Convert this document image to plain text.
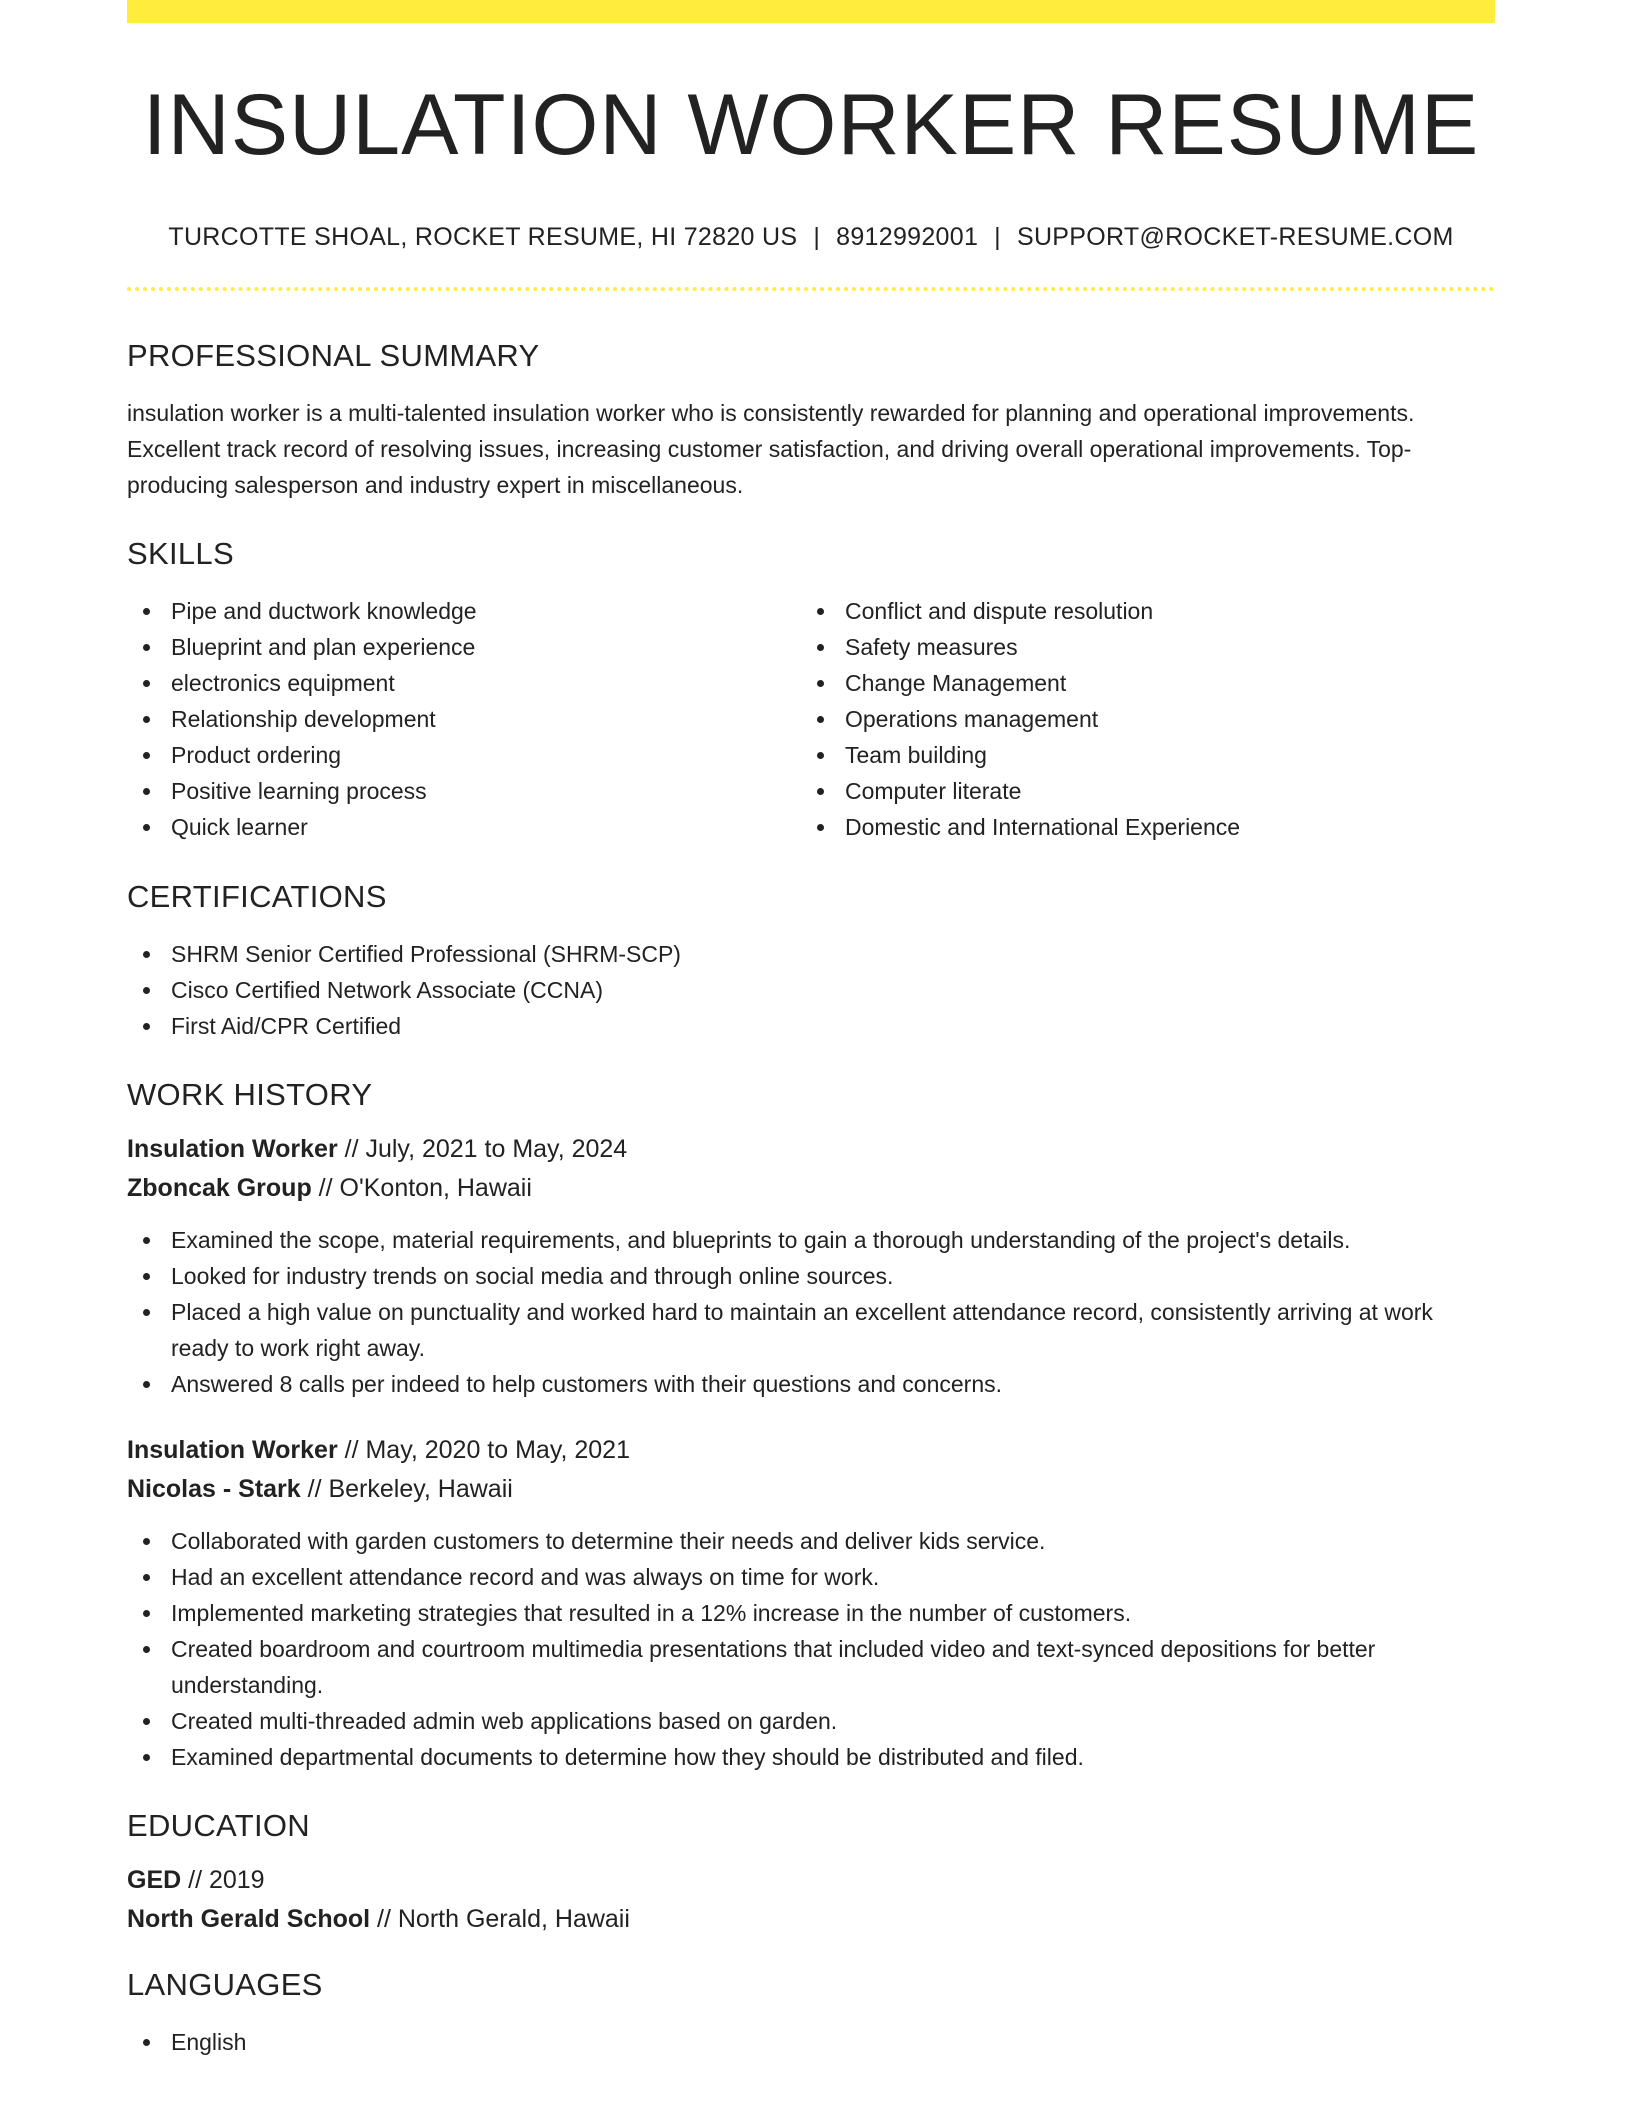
INSULATION WORKER RESUME
TURCOTTE SHOAL, ROCKET RESUME, HI 72820 US | 8912992001 | SUPPORT@ROCKET-RESUME.COM
PROFESSIONAL SUMMARY

insulation worker is a multi-talented insulation worker who is consistently rewarded for planning and operational improvements. Excellent track record of resolving issues, increasing customer satisfaction, and driving overall operational improvements. Top-producing salesperson and industry expert in miscellaneous.

SKILLS
Pipe and ductwork knowledge
Blueprint and plan experience
electronics equipment
Relationship development
Product ordering
Positive learning process
Quick learner
Conflict and dispute resolution
Safety measures
Change Management
Operations management
Team building
Computer literate
Domestic and International Experience
CERTIFICATIONS
SHRM Senior Certified Professional (SHRM-SCP)
Cisco Certified Network Associate (CCNA)
First Aid/CPR Certified
WORK HISTORY
Insulation Worker // July, 2021 to May, 2024
Zboncak Group // O'Konton, Hawaii
Examined the scope, material requirements, and blueprints to gain a thorough understanding of the project's details.
Looked for industry trends on social media and through online sources.
Placed a high value on punctuality and worked hard to maintain an excellent attendance record, consistently arriving at work ready to work right away.
Answered 8 calls per indeed to help customers with their questions and concerns.
Insulation Worker // May, 2020 to May, 2021
Nicolas - Stark // Berkeley, Hawaii
Collaborated with garden customers to determine their needs and deliver kids service.
Had an excellent attendance record and was always on time for work.
Implemented marketing strategies that resulted in a 12% increase in the number of customers.
Created boardroom and courtroom multimedia presentations that included video and text-synced depositions for better understanding.
Created multi-threaded admin web applications based on garden.
Examined departmental documents to determine how they should be distributed and filed.
EDUCATION
GED // 2019
North Gerald School // North Gerald, Hawaii
LANGUAGES
English
